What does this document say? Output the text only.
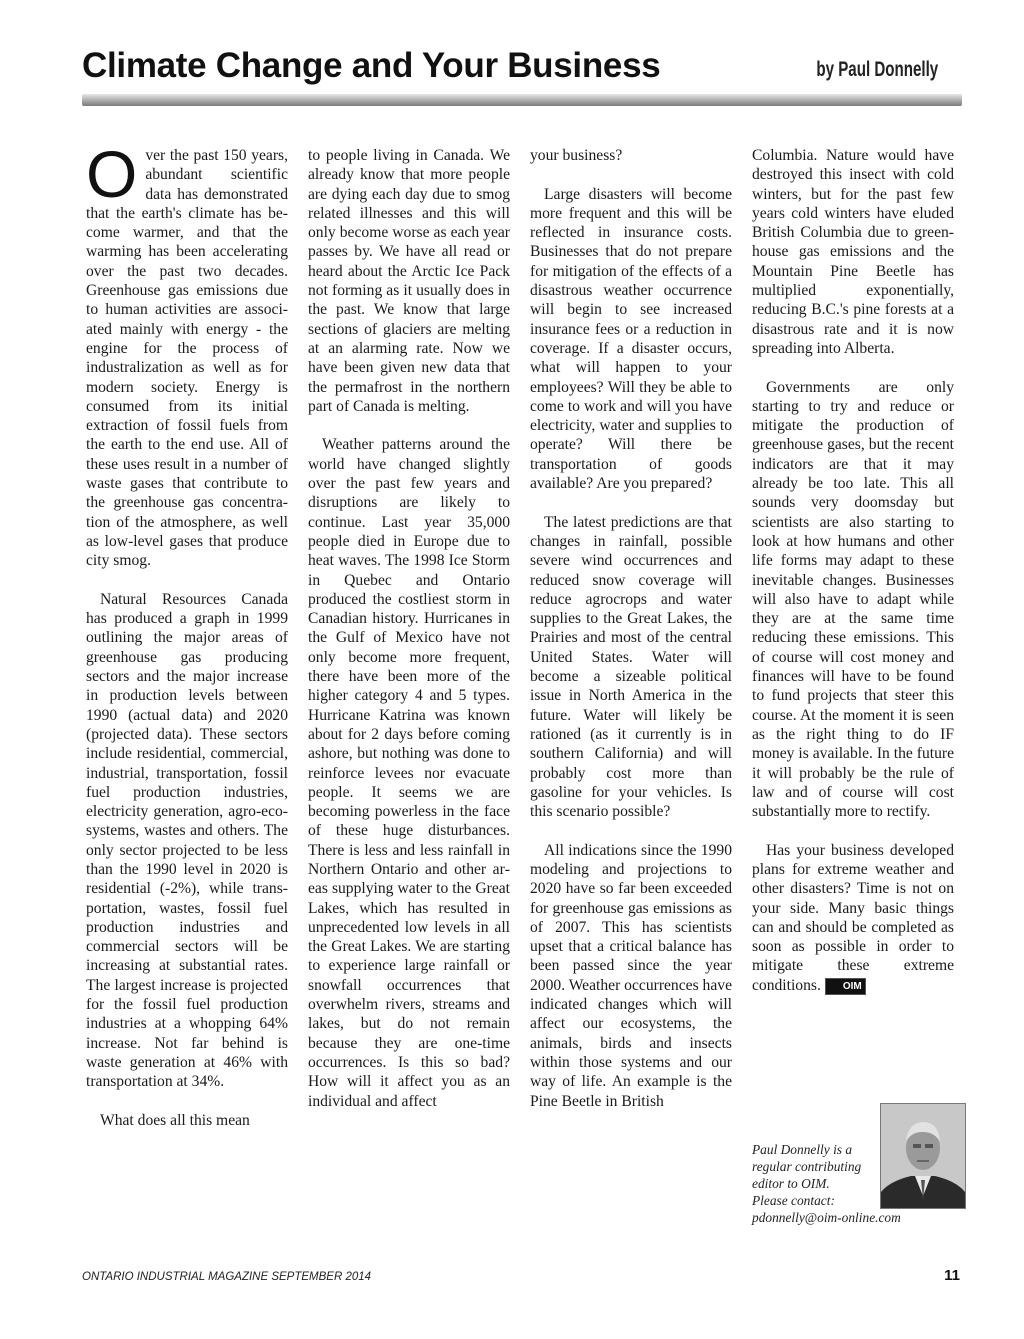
Climate Change and Your Business	by Paul Donnelly

Over the past 150 years, abundant scientific data has demonstrated that the earth's climate has become warmer, and that the warming has been accelerating over the past two decades. Greenhouse gas emissions due to human activities are associated mainly with energy - the engine for the process of industralization as well as for modern society. Energy is consumed from its initial extraction of fossil fuels from the earth to the end use. All of these uses result in a number of waste gases that contribute to the greenhouse gas concentration of the atmosphere, as well as low-level gases that produce city smog.

Natural Resources Canada has produced a graph in 1999 outlining the major areas of greenhouse gas producing sectors and the major increase in production levels between 1990 (actual data) and 2020 (projected data). These sectors include residential, commercial, industrial, transportation, fossil fuel production industries, electricity generation, agro-eco-systems, wastes and others. The only sector projected to be less than the 1990 level in 2020 is residential (-2%), while transportation, wastes, fossil fuel production industries and commercial sectors will be increasing at substantial rates. The largest increase is projected for the fossil fuel production industries at a whopping 64% increase. Not far behind is waste generation at 46% with transportation at 34%.

What does all this mean

to people living in Canada. We already know that more people are dying each day due to smog related illnesses and this will only become worse as each year passes by. We have all read or heard about the Arctic Ice Pack not forming as it usually does in the past. We know that large sections of glaciers are melting at an alarming rate. Now we have been given new data that the permafrost in the northern part of Canada is melting.

Weather patterns around the world have changed slightly over the past few years and disruptions are likely to continue. Last year 35,000 people died in Europe due to heat waves. The 1998 Ice Storm in Quebec and Ontario produced the costliest storm in Canadian history. Hurricanes in the Gulf of Mexico have not only become more frequent, there have been more of the higher category 4 and 5 types. Hurricane Katrina was known about for 2 days before coming ashore, but nothing was done to reinforce levees nor evacuate people. It seems we are becoming powerless in the face of these huge disturbances. There is less and less rainfall in Northern Ontario and other areas supplying water to the Great Lakes, which has resulted in unprecedented low levels in all the Great Lakes. We are starting to experience large rainfall or snowfall occurrences that overwhelm rivers, streams and lakes, but do not remain because they are one-time occurrences. Is this so bad? How will it affect you as an individual and affect

your business?

Large disasters will become more frequent and this will be reflected in insurance costs. Businesses that do not prepare for mitigation of the effects of a disastrous weather occurrence will begin to see increased insurance fees or a reduction in coverage. If a disaster occurs, what will happen to your employees? Will they be able to come to work and will you have electricity, water and supplies to operate? Will there be transportation of goods available? Are you prepared?

The latest predictions are that changes in rainfall, possible severe wind occurrences and reduced snow coverage will reduce agrocrops and water supplies to the Great Lakes, the Prairies and most of the central United States. Water will become a sizeable political issue in North America in the future. Water will likely be rationed (as it currently is in southern California) and will probably cost more than gasoline for your vehicles. Is this scenario possible?

All indications since the 1990 modeling and projections to 2020 have so far been exceeded for greenhouse gas emissions as of 2007. This has scientists upset that a critical balance has been passed since the year 2000. Weather occurrences have indicated changes which will affect our ecosystems, the animals, birds and insects within those systems and our way of life. An example is the Pine Beetle in British

Columbia. Nature would have destroyed this insect with cold winters, but for the past few years cold winters have eluded British Columbia due to greenhouse gas emissions and the Mountain Pine Beetle has multiplied exponentially, reducing B.C.'s pine forests at a disastrous rate and it is now spreading into Alberta.

Governments are only starting to try and reduce or mitigate the production of greenhouse gases, but the recent indicators are that it may already be too late. This all sounds very doomsday but scientists are also starting to look at how humans and other life forms may adapt to these inevitable changes. Businesses will also have to adapt while they are at the same time reducing these emissions. This of course will cost money and finances will have to be found to fund projects that steer this course. At the moment it is seen as the right thing to do IF money is available. In the future it will probably be the rule of law and of course will cost substantially more to rectify.

Has your business developed plans for extreme weather and other disasters? Time is not on your side. Many basic things can and should be completed as soon as possible in order to mitigate these extreme conditions. OIM

Paul Donnelly is a
regular contributing
editor to OIM.
Please contact:
pdonnelly@oim-online.com
ONTARIO INDUSTRIAL MAGAZINE SEPTEMBER 2014	11
